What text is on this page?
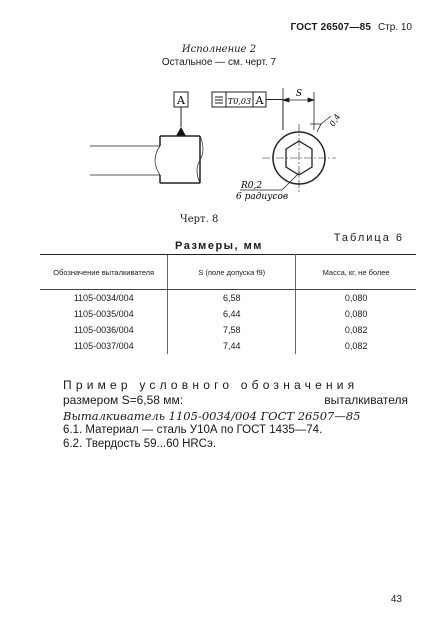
ГОСТ 26507—85 Стр. 10
Исполнение 2
Остальное — см. черт. 7
A	T0,03 A	S
0,4
R0,2
6 радиусов
Черт. 8
Таблица 6
Размеры, мм
Обозначение выталкивателя	S (поле допуска f9)	Масса, кг, не более
1105-0034/004	6,58	0,080
1105-0035/004	6,44	0,080
1105-0036/004	7,58	0,082
1105-0037/004	7,44	0,082
Пример условного обозначения
выталкивателя

размером S=6,58 мм:
Выталкиватель 1105-0034/004 ГОСТ 26507—85
6.1. Материал — сталь У10А по ГОСТ 1435—74.
6.2. Твердость 59...60 HRCэ.
43
